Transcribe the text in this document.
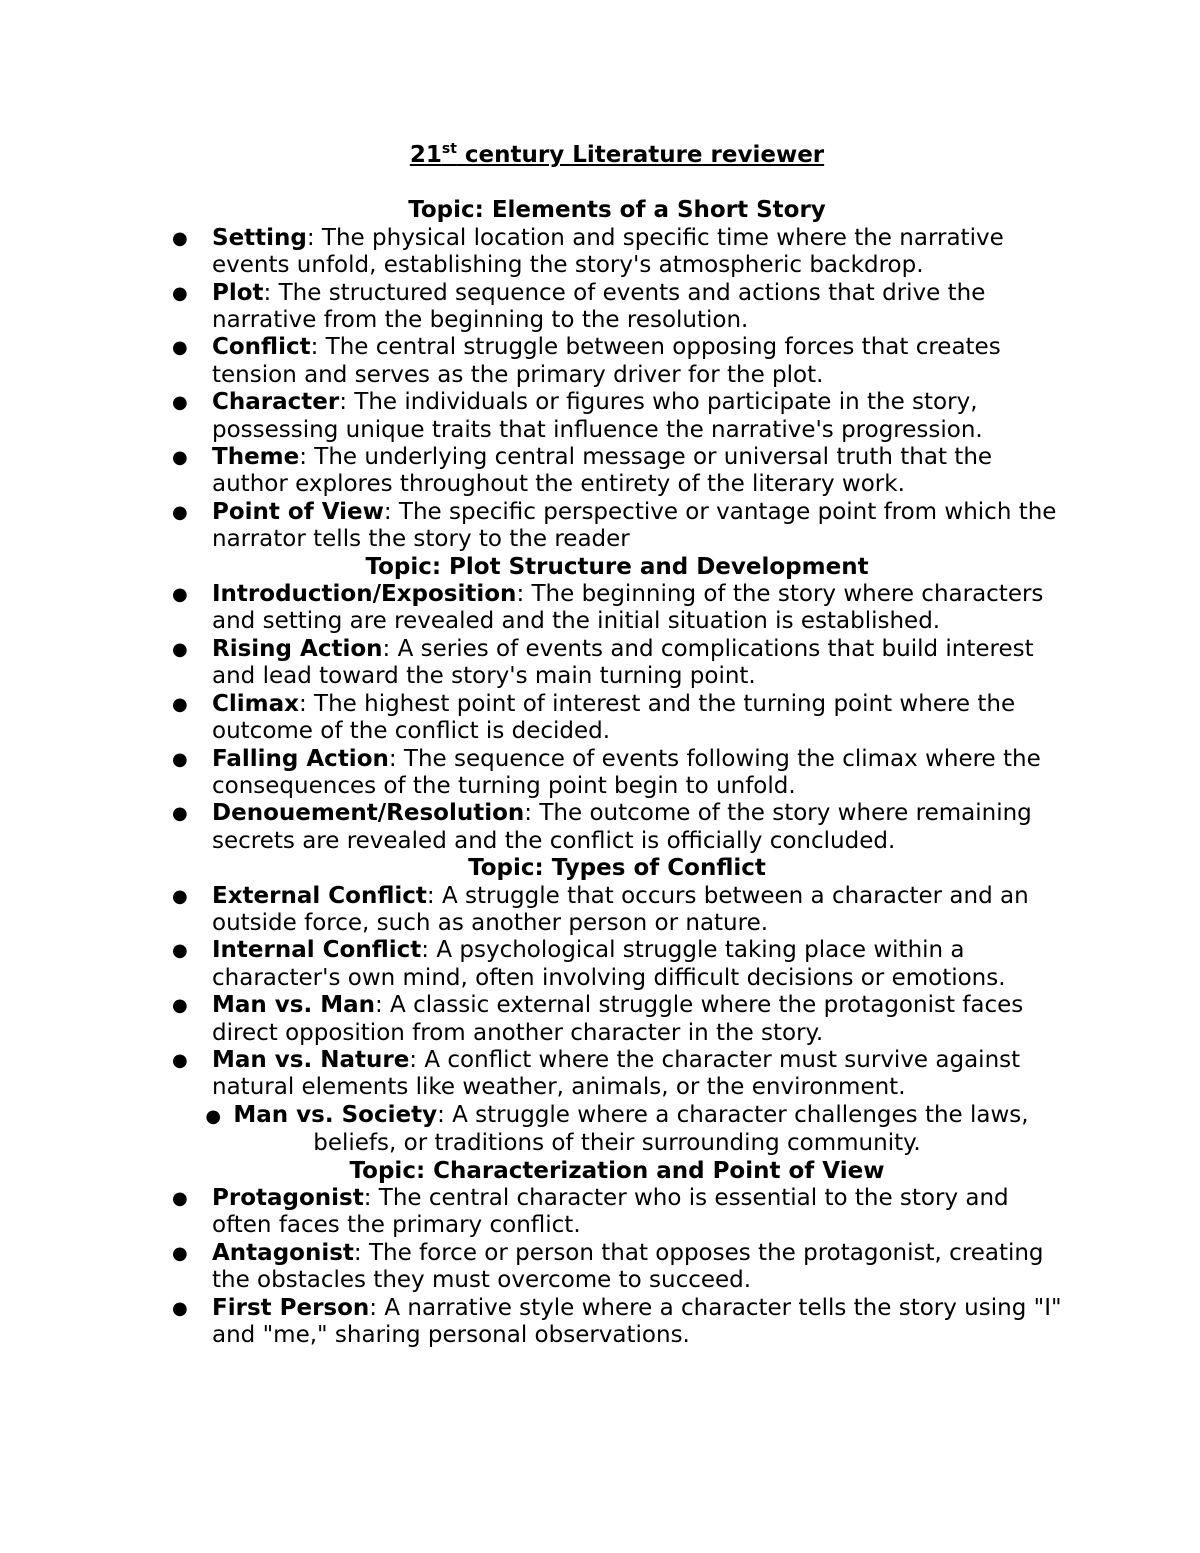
21st century Literature reviewer
Topic: Elements of a Short Story
● Setting: The physical location and specific time where the narrative events unfold, establishing the story's atmospheric backdrop.
● Plot: The structured sequence of events and actions that drive the narrative from the beginning to the resolution.
● Conflict: The central struggle between opposing forces that creates tension and serves as the primary driver for the plot.
● Character: The individuals or figures who participate in the story, possessing unique traits that influence the narrative's progression.
● Theme: The underlying central message or universal truth that the author explores throughout the entirety of the literary work.
● Point of View: The specific perspective or vantage point from which the narrator tells the story to the reader
Topic: Plot Structure and Development
● Introduction/Exposition: The beginning of the story where characters and setting are revealed and the initial situation is established.
● Rising Action: A series of events and complications that build interest and lead toward the story's main turning point.
● Climax: The highest point of interest and the turning point where the outcome of the conflict is decided.
● Falling Action: The sequence of events following the climax where the consequences of the turning point begin to unfold.
● Denouement/Resolution: The outcome of the story where remaining secrets are revealed and the conflict is officially concluded.
Topic: Types of Conflict
● External Conflict: A struggle that occurs between a character and an outside force, such as another person or nature.
● Internal Conflict: A psychological struggle taking place within a character's own mind, often involving difficult decisions or emotions.
● Man vs. Man: A classic external struggle where the protagonist faces direct opposition from another character in the story.
● Man vs. Nature: A conflict where the character must survive against natural elements like weather, animals, or the environment.
● Man vs. Society: A struggle where a character challenges the laws, beliefs, or traditions of their surrounding community.
Topic: Characterization and Point of View
● Protagonist: The central character who is essential to the story and often faces the primary conflict.
● Antagonist: The force or person that opposes the protagonist, creating the obstacles they must overcome to succeed.
● First Person: A narrative style where a character tells the story using "I" and "me," sharing personal observations.
